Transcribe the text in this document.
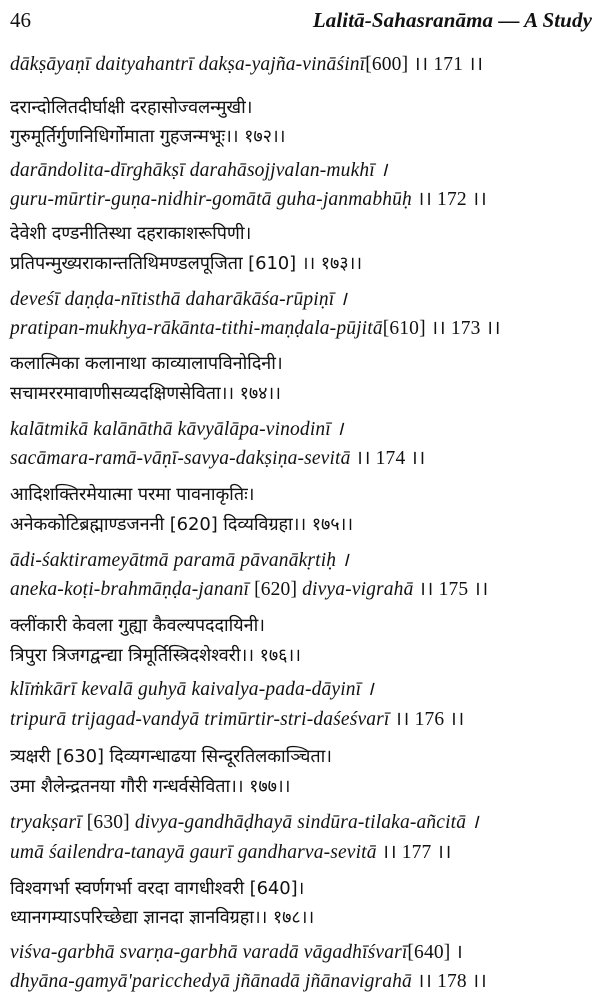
46	Lalitā-Sahasranāma — A Study
dākṣāyaṇī daityahantrī dakṣa-yajña-vināśinī[600] ।। 171 ।।
दरान्दोलितदीर्घाक्षी दरहासोज्वलन्मुखी।
गुरुमूर्तिर्गुणनिधिर्गोमाता गुहजन्मभूः।। १७२।।
darāndolita-dīrghākṣī darahāsojjvalan-mukhī ।
guru-mūrtir-guṇa-nidhir-gomātā guha-janmabhūḥ ।। 172 ।।
देवेशी दण्डनीतिस्था दहराकाशरूपिणी।
प्रतिपन्मुख्यराकान्ततिथिमण्डलपूजिता [610] ।। १७३।।
deveśī daṇḍa-nītisthā daharākāśa-rūpiṇī ।
pratipan-mukhya-rākānta-tithi-maṇḍala-pūjitā[610] ।। 173 ।।
कलात्मिका कलानाथा काव्यालापविनोदिनी।
सचामररमावाणीसव्यदक्षिणसेविता।। १७४।।
kalātmikā kalānāthā kāvyālāpa-vinodinī ।
sacāmara-ramā-vāṇī-savya-dakṣiṇa-sevitā ।। 174 ।।
आदिशक्तिरमेयात्मा परमा पावनाकृतिः।
अनेककोटिब्रह्माण्डजननी [620] दिव्यविग्रहा।। १७५।।
ādi-śaktirameyātmā paramā pāvanākṛtiḥ ।
aneka-koṭi-brahmāṇḍa-jananī [620] divya-vigrahā ।। 175 ।।
क्लींकारी केवला गुह्या कैवल्यपददायिनी।
त्रिपुरा त्रिजगद्वन्द्या त्रिमूर्तिस्त्रिदशेश्वरी।। १७६।।
klīṁkārī kevalā guhyā kaivalya-pada-dāyinī ।
tripurā trijagad-vandyā trimūrtir-stri-daśeśvarī ।। 176 ।।
त्र्यक्षरी [630] दिव्यगन्धाढया सिन्दूरतिलकाञ्चिता।
उमा शैलेन्द्रतनया गौरी गन्धर्वसेविता।। १७७।।
tryakṣarī [630] divya-gandhāḍhayā sindūra-tilaka-añcitā ।
umā śailendra-tanayā gaurī gandharva-sevitā ।। 177 ।।
विश्वगर्भा स्वर्णगर्भा वरदा वागधीश्वरी [640]।
ध्यानगम्याऽपरिच्छेद्या ज्ञानदा ज्ञानविग्रहा।। १७८।।
viśva-garbhā svarṇa-garbhā varadā vāgadhīśvarī[640] ।
dhyāna-gamyā'paricchedyā jñānadā jñānavigrahā ।। 178 ।।
